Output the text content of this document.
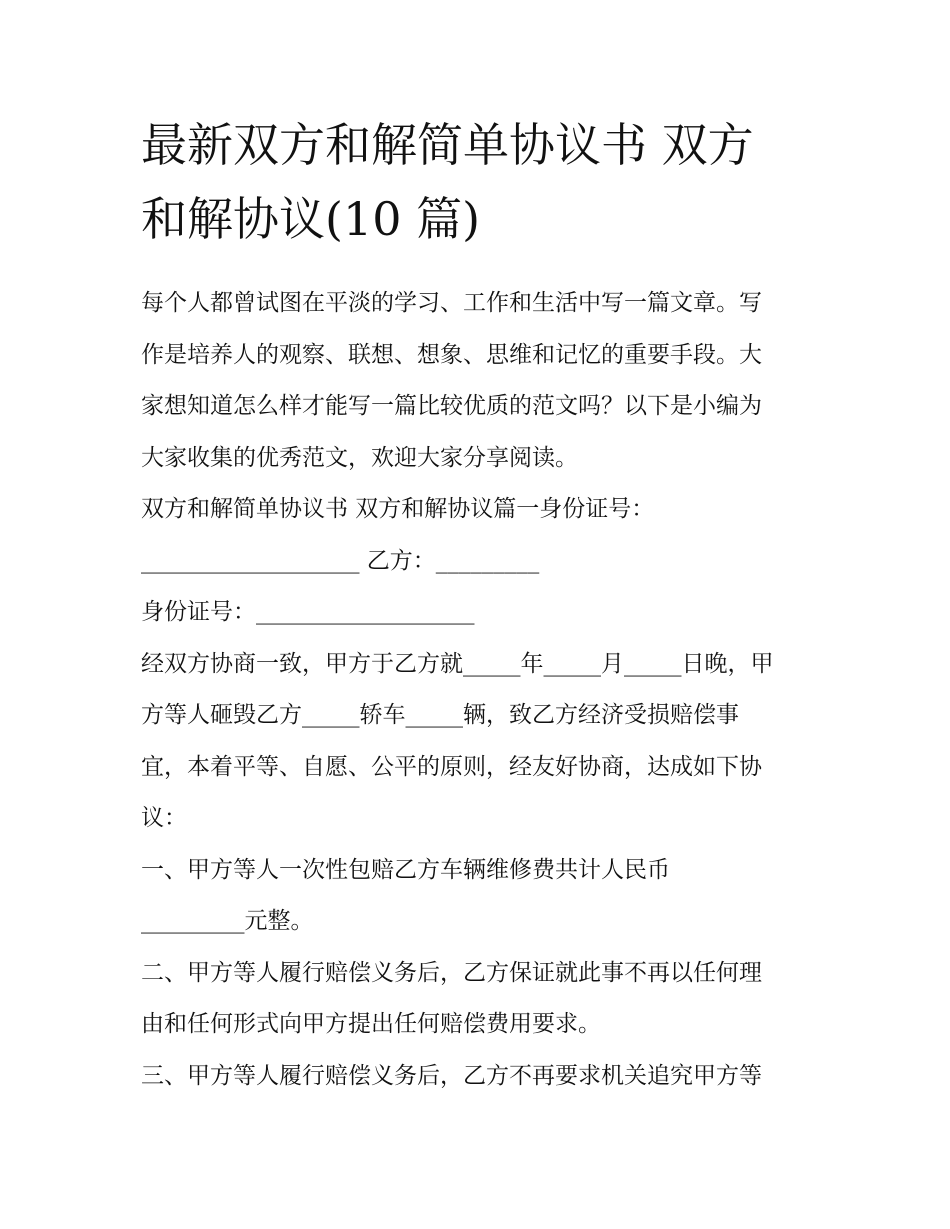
最新双方和解简单协议书 双方
和解协议(10 篇)
每个人都曾试图在平淡的学习、工作和生活中写一篇文章。写
作是培养人的观察、联想、想象、思维和记忆的重要手段。大
家想知道怎么样才能写一篇比较优质的范文吗？以下是小编为
大家收集的优秀范文，欢迎大家分享阅读。
双方和解简单协议书 双方和解协议篇一身份证号：
___________________ 乙方：_________
身份证号：___________________
经双方协商一致，甲方于乙方就_____年_____月_____日晚，甲
方等人砸毁乙方_____轿车_____辆，致乙方经济受损赔偿事
宜，本着平等、自愿、公平的原则，经友好协商，达成如下协
议：
一、甲方等人一次性包赔乙方车辆维修费共计人民币
_________元整。
二、甲方等人履行赔偿义务后，乙方保证就此事不再以任何理
由和任何形式向甲方提出任何赔偿费用要求。
三、甲方等人履行赔偿义务后，乙方不再要求机关追究甲方等
